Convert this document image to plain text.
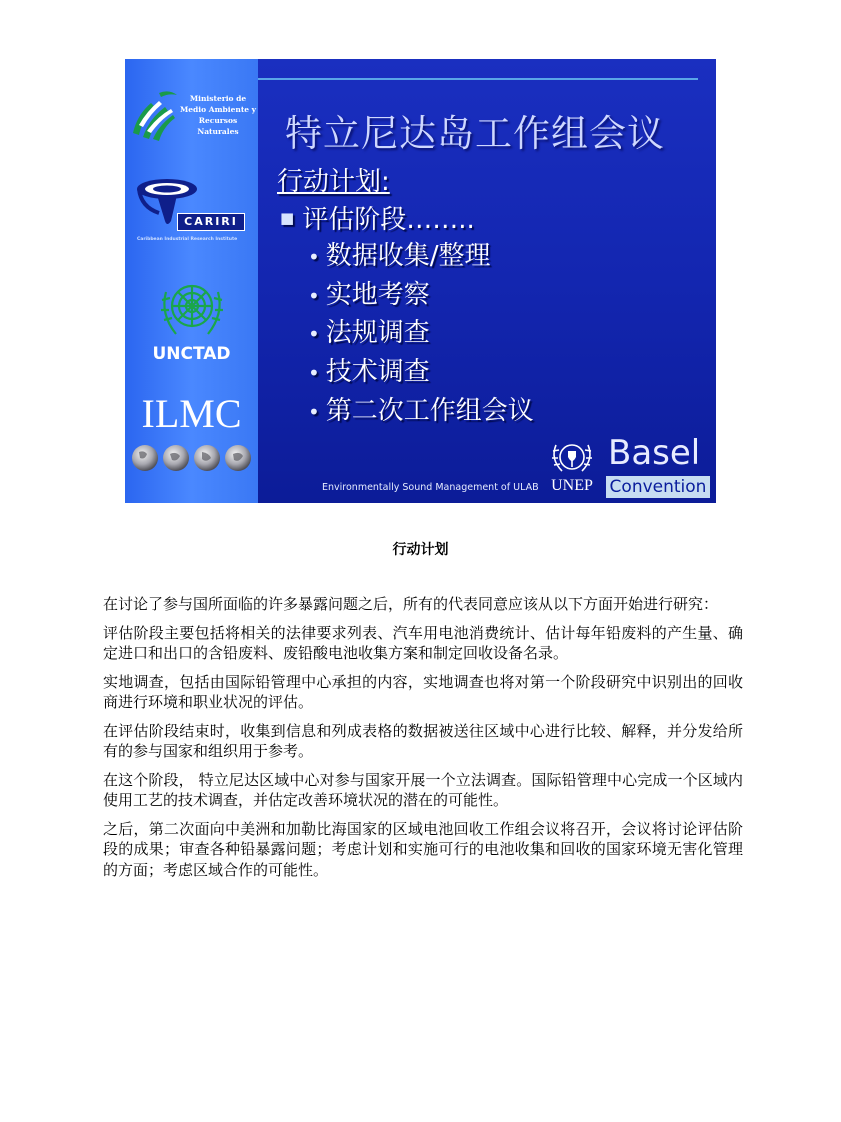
Ministerio de
Medio Ambiente y
Recursos Naturales
CARIRI
Caribbean Industrial Research Institute
UNCTAD
ILMC
特立尼达岛工作组会议
行动计划:
■ 评估阶段……..
• 数据收集/整理
• 实地考察
• 法规调查
• 技术调查
• 第二次工作组会议
Environmentally Sound Management of ULAB UNEP
Basel
Convention
行动计划

在讨论了参与国所面临的许多暴露问题之后，所有的代表同意应该从以下方面开始进行研究：

评估阶段主要包括将相关的法律要求列表、汽车用电池消费统计、估计每年铅废料的产生量、确定进口和出口的含铅废料、废铅酸电池收集方案和制定回收设备名录。

实地调查，包括由国际铅管理中心承担的内容，实地调查也将对第一个阶段研究中识别出的回收商进行环境和职业状况的评估。

在评估阶段结束时，收集到信息和列成表格的数据被送往区域中心进行比较、解释，并分发给所有的参与国家和组织用于参考。

在这个阶段， 特立尼达区域中心对参与国家开展一个立法调查。国际铅管理中心完成一个区域内使用工艺的技术调查，并估定改善环境状况的潜在的可能性。

之后，第二次面向中美洲和加勒比海国家的区域电池回收工作组会议将召开，会议将讨论评估阶段的成果；审查各种铅暴露问题；考虑计划和实施可行的电池收集和回收的国家环境无害化管理的方面；考虑区域合作的可能性。
